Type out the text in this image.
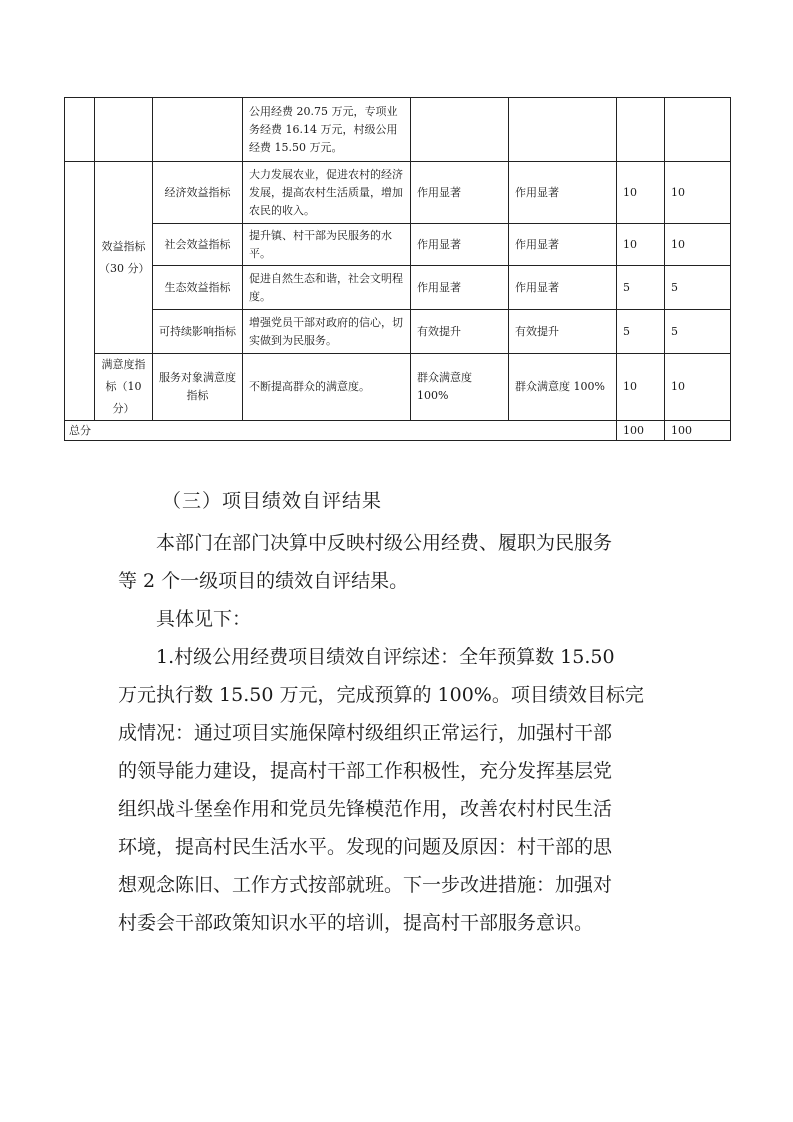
			公用经费 20.75 万元，专项业务经费 16.14 万元，村级公用经费 15.50 万元。				
	效益指标（30 分）	经济效益指标	大力发展农业，促进农村的经济发展，提高农村生活质量，增加农民的收入。	作用显著	作用显著	10	10
		社会效益指标	提升镇、村干部为民服务的水平。	作用显著	作用显著	10	10
		生态效益指标	促进自然生态和谐，社会文明程度。	作用显著	作用显著	5	5
		可持续影响指标	增强党员干部对政府的信心，切实做到为民服务。	有效提升	有效提升	5	5
	满意度指标（10分）	服务对象满意度指标	不断提高群众的满意度。	群众满意度 100%	群众满意度 100%	10	10
总分						100	100
（三）项目绩效自评结果
本部门在部门决算中反映村级公用经费、履职为民服务
等 2 个一级项目的绩效自评结果。
具体见下：
1.村级公用经费项目绩效自评综述：全年预算数 15.50
万元执行数 15.50 万元，完成预算的 100%。项目绩效目标完
成情况：通过项目实施保障村级组织正常运行，加强村干部
的领导能力建设，提高村干部工作积极性，充分发挥基层党
组织战斗堡垒作用和党员先锋模范作用，改善农村村民生活
环境，提高村民生活水平。发现的问题及原因：村干部的思
想观念陈旧、工作方式按部就班。下一步改进措施：加强对
村委会干部政策知识水平的培训，提高村干部服务意识。
